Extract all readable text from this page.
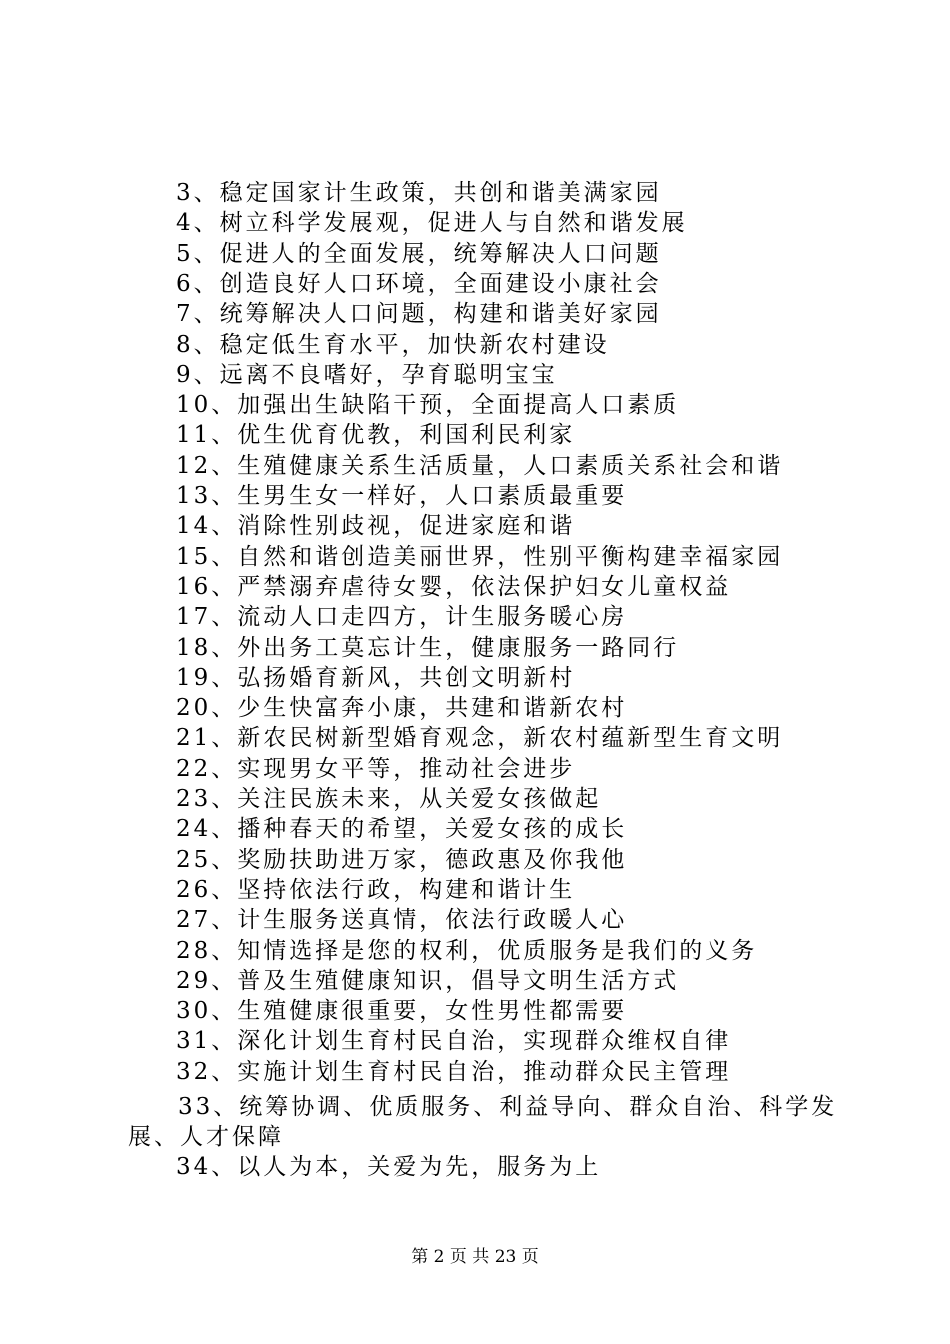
3、稳定国家计生政策，共创和谐美满家园
4、树立科学发展观，促进人与自然和谐发展
5、促进人的全面发展，统筹解决人口问题
6、创造良好人口环境，全面建设小康社会
7、统筹解决人口问题，构建和谐美好家园
8、稳定低生育水平，加快新农村建设
9、远离不良嗜好，孕育聪明宝宝
10、加强出生缺陷干预，全面提高人口素质
11、优生优育优教，利国利民利家
12、生殖健康关系生活质量，人口素质关系社会和谐
13、生男生女一样好，人口素质最重要
14、消除性别歧视，促进家庭和谐
15、自然和谐创造美丽世界，性别平衡构建幸福家园
16、严禁溺弃虐待女婴，依法保护妇女儿童权益
17、流动人口走四方，计生服务暖心房
18、外出务工莫忘计生，健康服务一路同行
19、弘扬婚育新风，共创文明新村
20、少生快富奔小康，共建和谐新农村
21、新农民树新型婚育观念，新农村蕴新型生育文明
22、实现男女平等，推动社会进步
23、关注民族未来，从关爱女孩做起
24、播种春天的希望，关爱女孩的成长
25、奖励扶助进万家，德政惠及你我他
26、坚持依法行政，构建和谐计生
27、计生服务送真情，依法行政暖人心
28、知情选择是您的权利，优质服务是我们的义务
29、普及生殖健康知识，倡导文明生活方式
30、生殖健康很重要，女性男性都需要
31、深化计划生育村民自治，实现群众维权自律
32、实施计划生育村民自治，推动群众民主管理
33、统筹协调、优质服务、利益导向、群众自治、科学发
展、人才保障
34、以人为本，关爱为先，服务为上
第 2 页 共 23 页
